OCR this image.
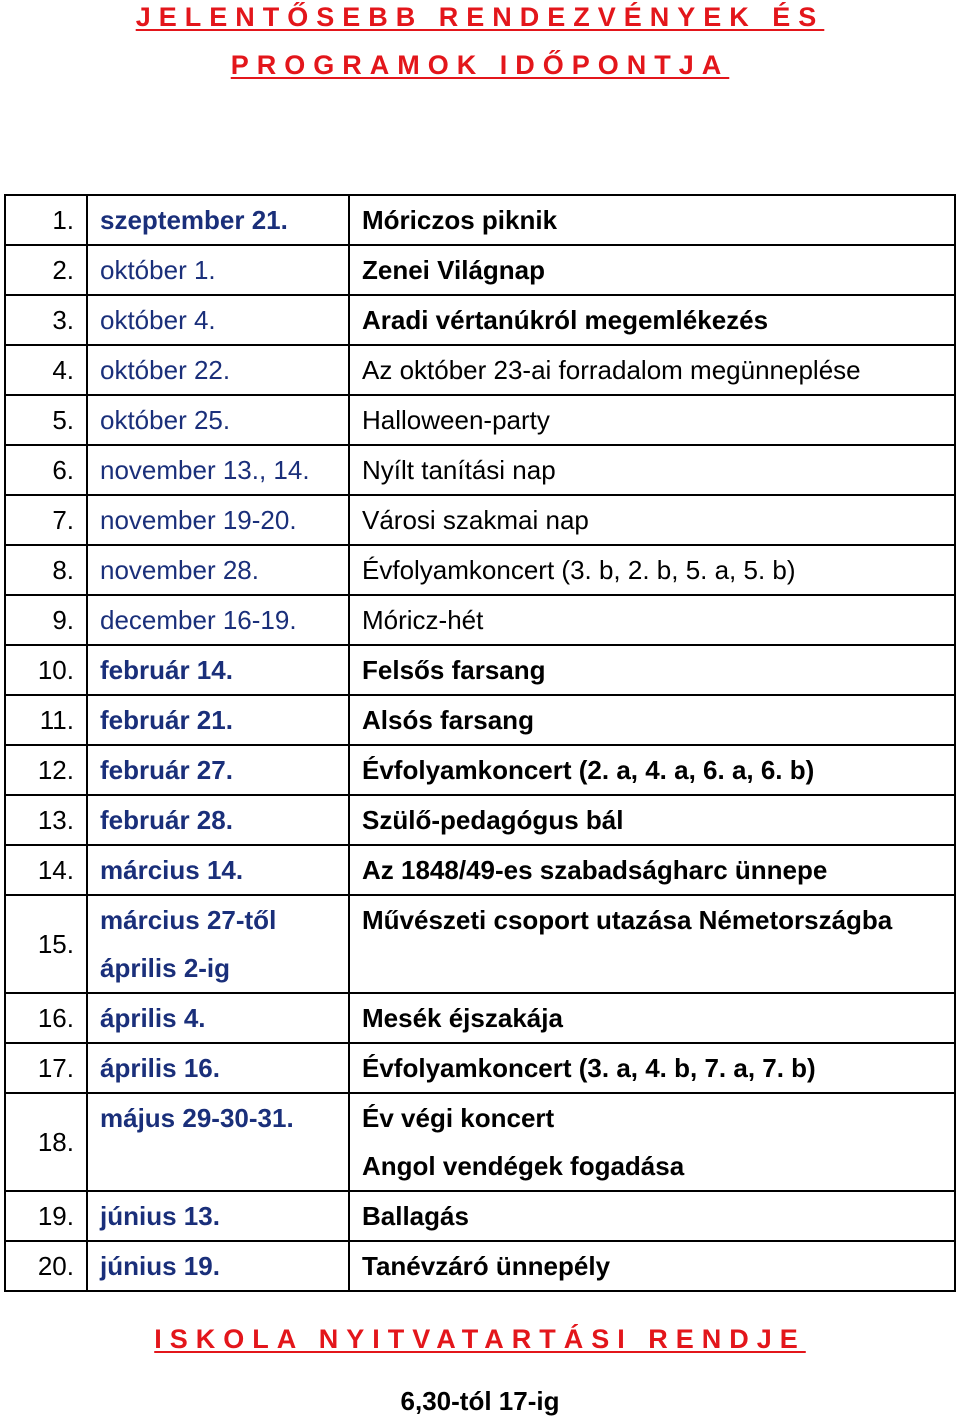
JELENTŐSEBB RENDEZVÉNYEK ÉS
PROGRAMOK IDŐPONTJA
1.	szeptember 21.	Móriczos piknik

2.	október 1.	Zenei Világnap

3.	október 4.	Aradi vértanúkról megemlékezés

4.	október 22.	Az október 23-ai forradalom megünneplése

5.	október 25.	Halloween-party

6.	november 13., 14.	Nyílt tanítási nap

7.	november 19-20.	Városi szakmai nap

8.	november 28.	Évfolyamkoncert (3. b, 2. b, 5. a, 5. b)

9.	december 16-19.	Móricz-hét

10.	február 14.	Felsős farsang

11.	február 21.	Alsós farsang

12.	február 27.	Évfolyamkoncert (2. a, 4. a, 6. a, 6. b)

13.	február 28.	Szülő-pedagógus bál

14.	március 14.	Az 1848/49-es szabadságharc ünnepe

15.	március 27-től
április 2-ig	Művészeti csoport utazása Németországba

16.	április 4.	Mesék éjszakája

17.	április 16.	Évfolyamkoncert (3. a, 4. b, 7. a, 7. b)

18.	május 29-30-31.	Év végi koncert
Angol vendégek fogadása

19.	június 13.	Ballagás

20.	június 19.	Tanévzáró ünnepély
ISKOLA NYITVATARTÁSI RENDJE
6,30-tól 17-ig
